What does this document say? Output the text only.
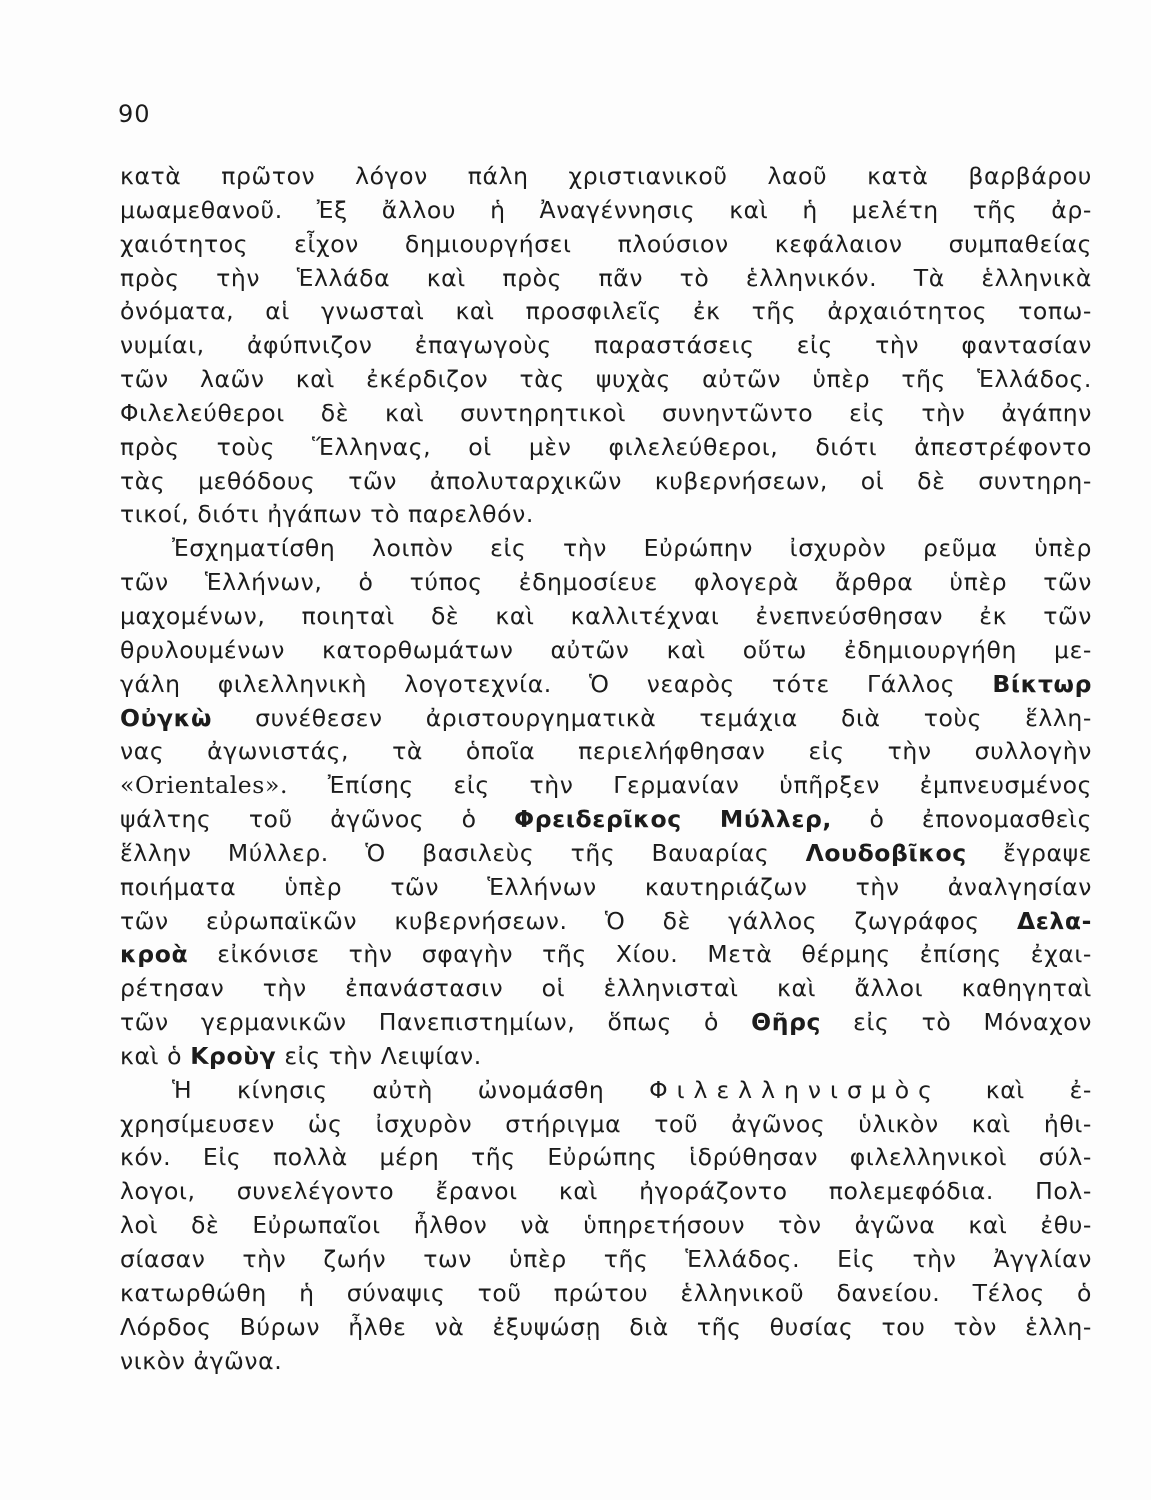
90
κατὰ πρῶτον λόγον πάλη χριστιανικοῦ λαοῦ κατὰ βαρβάρου
μωαμεθανοῦ. Ἐξ ἄλλου ἡ Ἀναγέννησις καὶ ἡ μελέτη τῆς ἀρ-
χαιότητος εἶχον δημιουργήσει πλούσιον κεφάλαιον συμπαθείας
πρὸς τὴν Ἑλλάδα καὶ πρὸς πᾶν τὸ ἑλληνικόν. Τὰ ἑλληνικὰ
ὀνόματα, αἱ γνωσταὶ καὶ προσφιλεῖς ἐκ τῆς ἀρχαιότητος τοπω-
νυμίαι, ἀφύπνιζον ἐπαγωγοὺς παραστάσεις εἰς τὴν φαντασίαν
τῶν λαῶν καὶ ἐκέρδιζον τὰς ψυχὰς αὐτῶν ὑπὲρ τῆς Ἑλλάδος.
Φιλελεύθεροι δὲ καὶ συντηρητικοὶ συνηντῶντο εἰς τὴν ἀγάπην
πρὸς τοὺς Ἕλληνας, οἱ μὲν φιλελεύθεροι, διότι ἀπεστρέφοντο
τὰς μεθόδους τῶν ἀπολυταρχικῶν κυβερνήσεων, οἱ δὲ συντηρη-
τικοί, διότι ἠγάπων τὸ παρελθόν.
Ἐσχηματίσθη λοιπὸν εἰς τὴν Εὐρώπην ἰσχυρὸν ρεῦμα ὑπὲρ
τῶν Ἑλλήνων, ὁ τύπος ἐδημοσίευε φλογερὰ ἄρθρα ὑπὲρ τῶν
μαχομένων, ποιηταὶ δὲ καὶ καλλιτέχναι ἐνεπνεύσθησαν ἐκ τῶν
θρυλουμένων κατορθωμάτων αὐτῶν καὶ οὕτω ἐδημιουργήθη με-
γάλη φιλελληνικὴ λογοτεχνία. Ὁ νεαρὸς τότε Γάλλος Βίκτωρ
Οὐγκὼ συνέθεσεν ἀριστουργηματικὰ τεμάχια διὰ τοὺς ἕλλη-
νας ἀγωνιστάς, τὰ ὁποῖα περιελήφθησαν εἰς τὴν συλλογὴν
«Orientales». Ἐπίσης εἰς τὴν Γερμανίαν ὑπῆρξεν ἐμπνευσμένος
ψάλτης τοῦ ἀγῶνος ὁ Φρειδερῖκος Μύλλερ, ὁ ἐπονομασθεὶς
ἕλλην Μύλλερ. Ὁ βασιλεὺς τῆς Βαυαρίας Λουδοβῖκος ἔγραψε
ποιήματα ὑπὲρ τῶν Ἑλλήνων καυτηριάζων τὴν ἀναλγησίαν
τῶν εὐρωπαϊκῶν κυβερνήσεων. Ὁ δὲ γάλλος ζωγράφος Δελα-
κροὰ εἰκόνισε τὴν σφαγὴν τῆς Χίου. Μετὰ θέρμης ἐπίσης ἐχαι-
ρέτησαν τὴν ἐπανάστασιν οἱ ἑλληνισταὶ καὶ ἄλλοι καθηγηταὶ
τῶν γερμανικῶν Πανεπιστημίων, ὅπως ὁ Θῆρς εἰς τὸ Μόναχον
καὶ ὁ Κροὺγ εἰς τὴν Λειψίαν.
Ἡ κίνησις αὐτὴ ὠνομάσθη Φιλελληνισμὸς καὶ ἐ-
χρησίμευσεν ὡς ἰσχυρὸν στήριγμα τοῦ ἀγῶνος ὑλικὸν καὶ ἠθι-
κόν. Εἰς πολλὰ μέρη τῆς Εὐρώπης ἱδρύθησαν φιλελληνικοὶ σύλ-
λογοι, συνελέγοντο ἔρανοι καὶ ἠγοράζοντο πολεμεφόδια. Πολ-
λοὶ δὲ Εὐρωπαῖοι ἦλθον νὰ ὑπηρετήσουν τὸν ἀγῶνα καὶ ἐθυ-
σίασαν τὴν ζωήν των ὑπὲρ τῆς Ἑλλάδος. Εἰς τὴν Ἀγγλίαν
κατωρθώθη ἡ σύναψις τοῦ πρώτου ἑλληνικοῦ δανείου. Τέλος ὁ
Λόρδος Βύρων ἦλθε νὰ ἐξυψώσῃ διὰ τῆς θυσίας του τὸν ἑλλη-
νικὸν ἀγῶνα.
